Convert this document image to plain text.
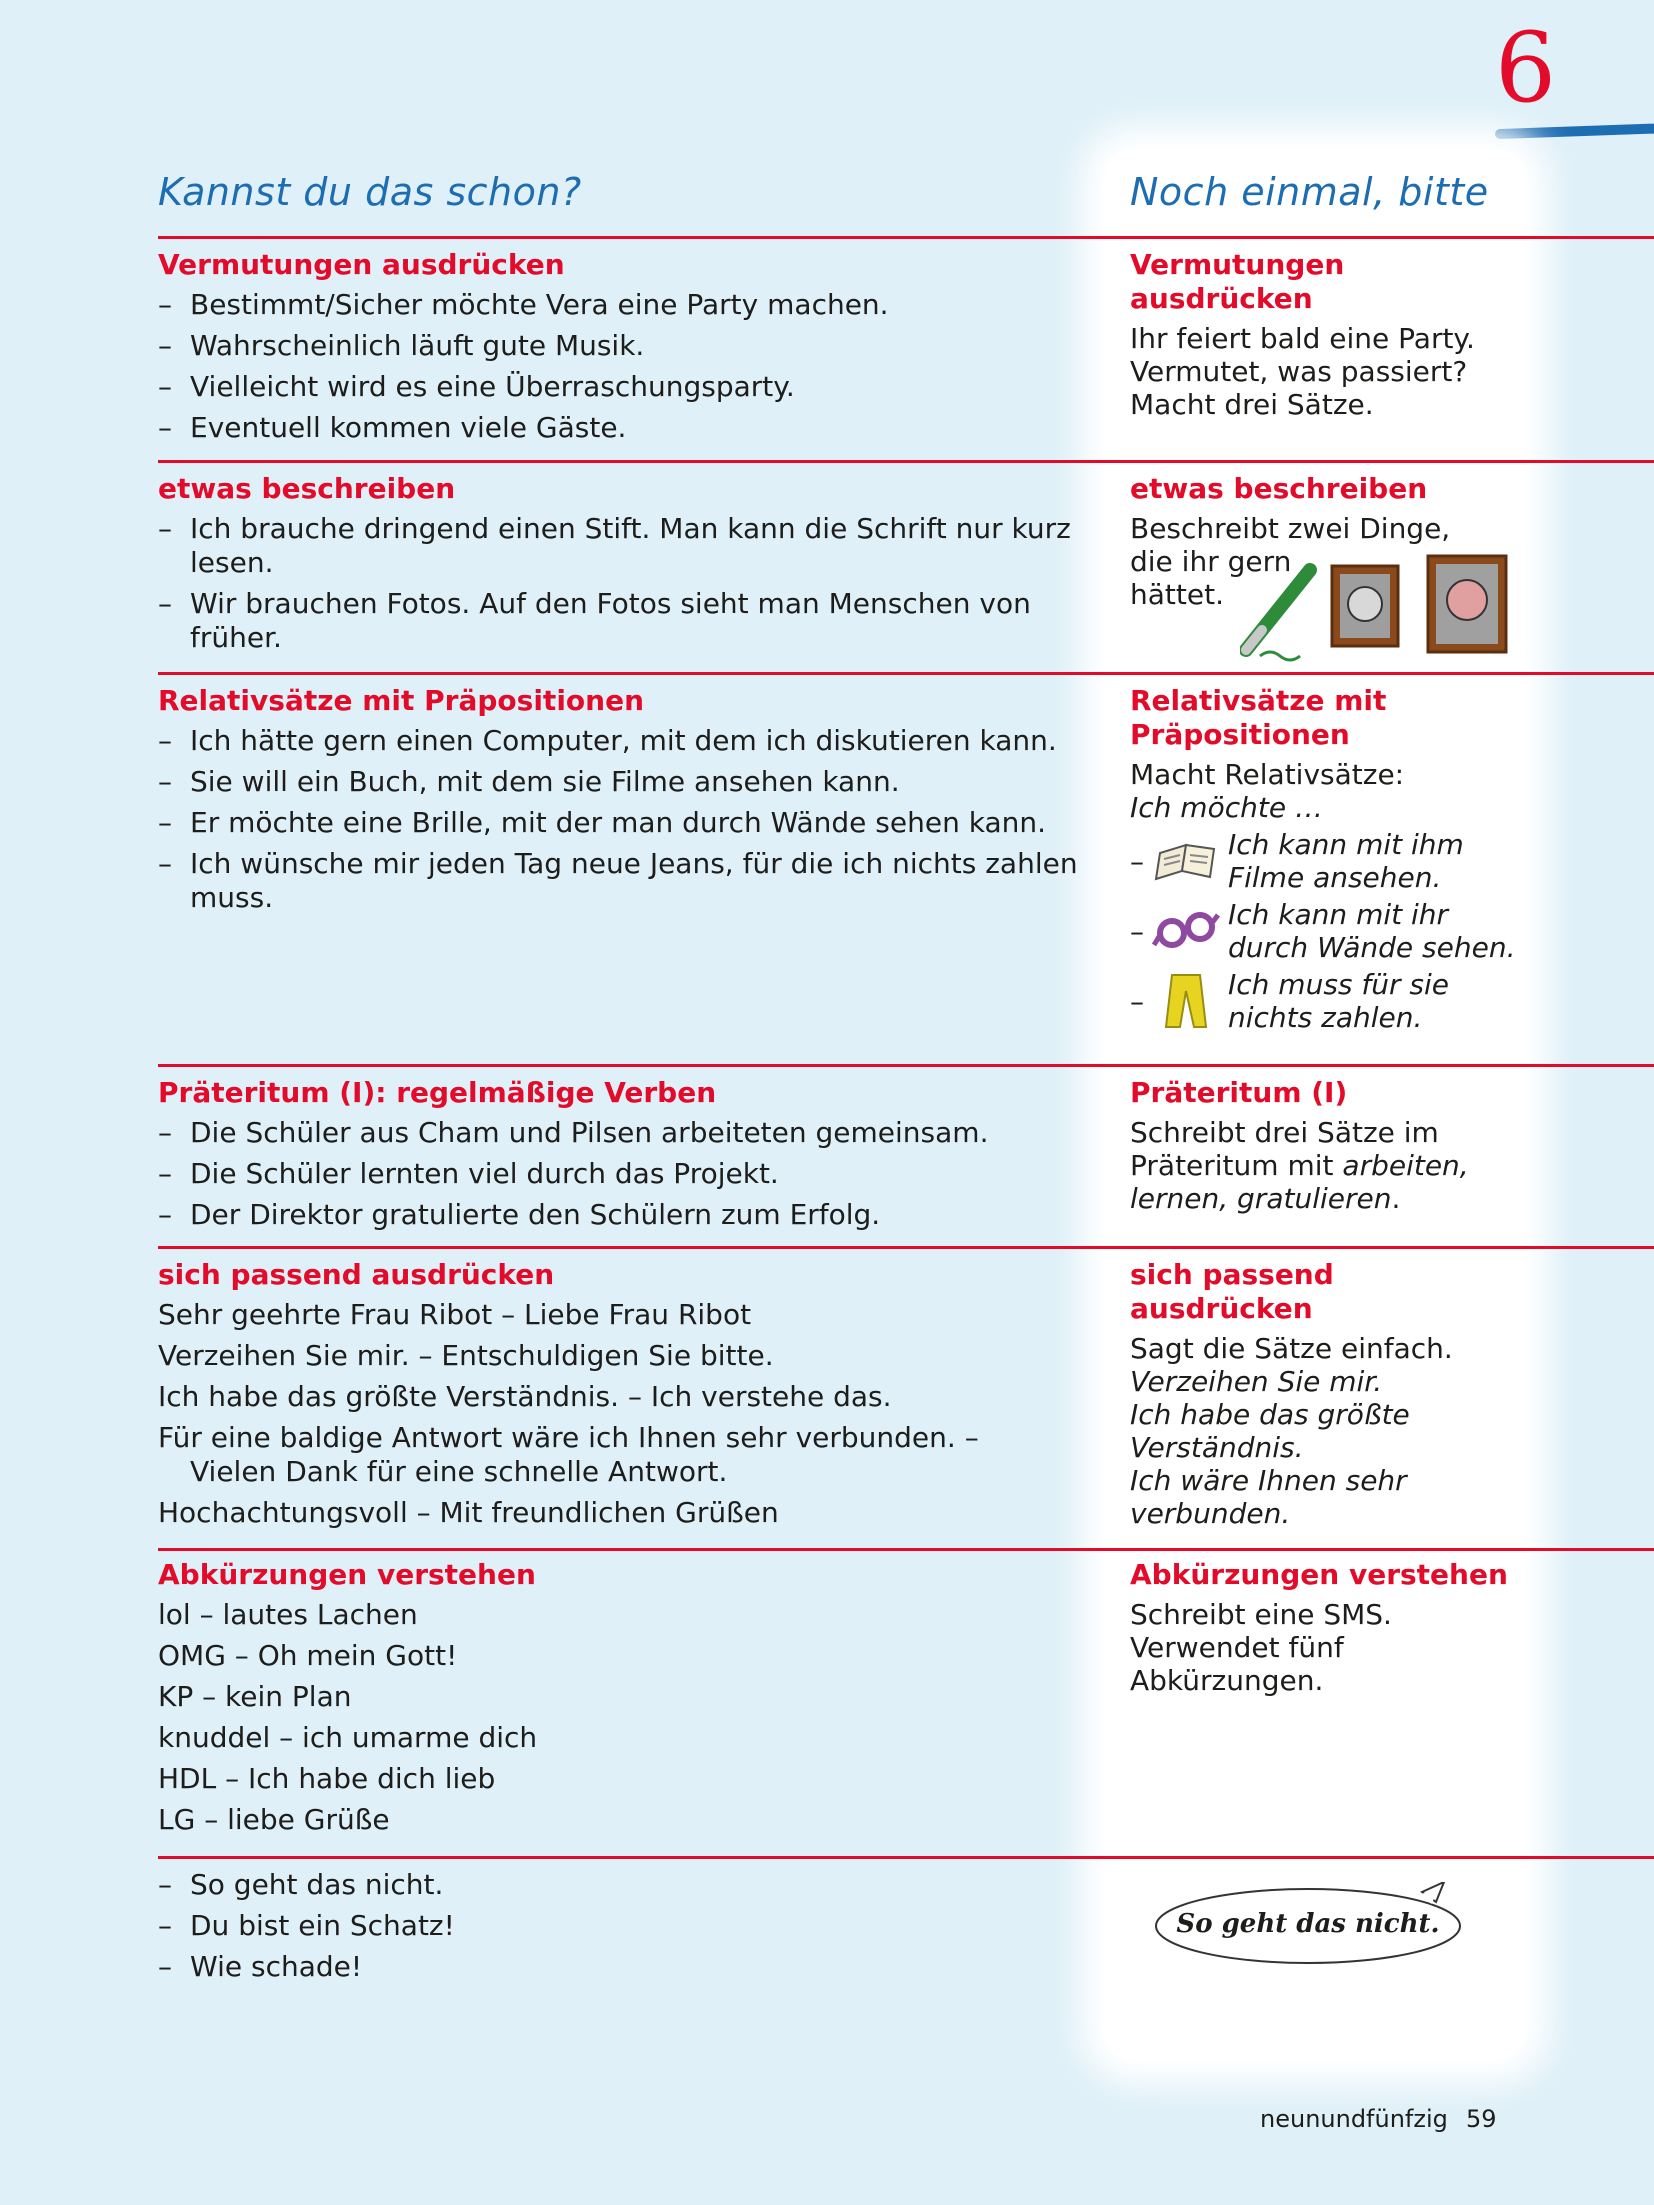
6
Kannst du das schon?	Noch einmal, bitte
Vermutungen ausdrücken
– Bestimmt/Sicher möchte Vera eine Party machen.
– Wahrscheinlich läuft gute Musik.
– Vielleicht wird es eine Überraschungsparty.
– Eventuell kommen viele Gäste.
Vermutungen ausdrücken

Ihr feiert bald eine Party.

Vermutet, was passiert?

Macht drei Sätze.

etwas beschreiben
– Ich brauche dringend einen Stift. Man kann die Schrift nur kurz lesen.
– Wir brauchen Fotos. Auf den Fotos sieht man Menschen von früher.
etwas beschreiben

Beschreibt zwei Dinge,

die ihr gern

hättet.

Relativsätze mit Präpositionen
– Ich hätte gern einen Computer, mit dem ich diskutieren kann.
– Sie will ein Buch, mit dem sie Filme ansehen kann.
– Er möchte eine Brille, mit der man durch Wände sehen kann.
– Ich wünsche mir jeden Tag neue Jeans, für die ich nichts zahlen muss.
Relativsätze mit Präpositionen

Macht Relativsätze:

Ich möchte …

–	Ich kann mit ihm Filme ansehen.
–	Ich kann mit ihr durch Wände sehen.
–	Ich muss für sie nichts zahlen.
Präteritum (I): regelmäßige Verben
– Die Schüler aus Cham und Pilsen arbeiteten gemeinsam.
– Die Schüler lernten viel durch das Projekt.
– Der Direktor gratulierte den Schülern zum Erfolg.
Präteritum (I)

Schreibt drei Sätze im

Präteritum mit arbeiten,

lernen, gratulieren.

sich passend ausdrücken
Sehr geehrte Frau Ribot – Liebe Frau Ribot
Verzeihen Sie mir. – Entschuldigen Sie bitte.
Ich habe das größte Verständnis. – Ich verstehe das.
Für eine baldige Antwort wäre ich Ihnen sehr verbunden. –
Vielen Dank für eine schnelle Antwort.
Hochachtungsvoll – Mit freundlichen Grüßen
sich passend ausdrücken

Sagt die Sätze einfach.

Verzeihen Sie mir.

Ich habe das größte

Verständnis.

Ich wäre Ihnen sehr

verbunden.

Abkürzungen verstehen
lol – lautes Lachen
OMG – Oh mein Gott!
KP – kein Plan
knuddel – ich umarme dich
HDL – Ich habe dich lieb
LG – liebe Grüße
Abkürzungen verstehen

Schreibt eine SMS.

Verwendet fünf

Abkürzungen.

– So geht das nicht.
– Du bist ein Schatz!
– Wie schade!
So geht das nicht.
neunundfünfzig 59
